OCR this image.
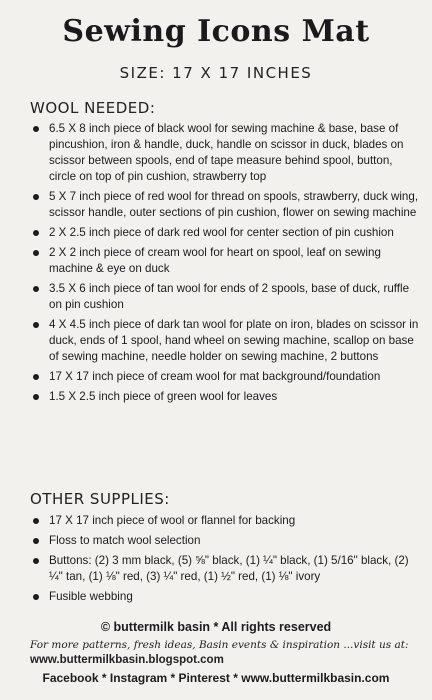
Sewing Icons Mat
SIZE: 17 X 17 INCHES
WOOL NEEDED:
6.5 X 8 inch piece of black wool for sewing machine & base, base of pincushion, iron & handle, duck, handle on scissor in duck, blades on scissor between spools, end of tape measure behind spool, button, circle on top of pin cushion, strawberry top
5 X 7 inch piece of red wool for thread on spools, strawberry, duck wing, scissor handle, outer sections of pin cushion, flower on sewing machine
2 X 2.5 inch piece of dark red wool for center section of pin cushion
2 X 2 inch piece of cream wool for heart on spool, leaf on sewing machine & eye on duck
3.5 X 6 inch piece of tan wool for ends of 2 spools, base of duck, ruffle on pin cushion
4 X 4.5 inch piece of dark tan wool for plate on iron, blades on scissor in duck, ends of 1 spool, hand wheel on sewing machine, scallop on base of sewing machine, needle holder on sewing machine, 2 buttons
17 X 17 inch piece of cream wool for mat background/foundation
1.5 X 2.5 inch piece of green wool for leaves
OTHER SUPPLIES:
17 X 17 inch piece of wool or flannel for backing
Floss to match wool selection
Buttons: (2) 3 mm black, (5) ⅝" black, (1) ¼" black, (1) 5/16" black, (2) ¼" tan, (1) ⅛" red, (3) ¼" red, (1) ½" red, (1) ⅛" ivory
Fusible webbing
© buttermilk basin * All rights reserved
For more patterns, fresh ideas, Basin events & inspiration ...visit us at: www.buttermilkbasin.blogspot.com
Facebook * Instagram * Pinterest * www.buttermilkbasin.com
